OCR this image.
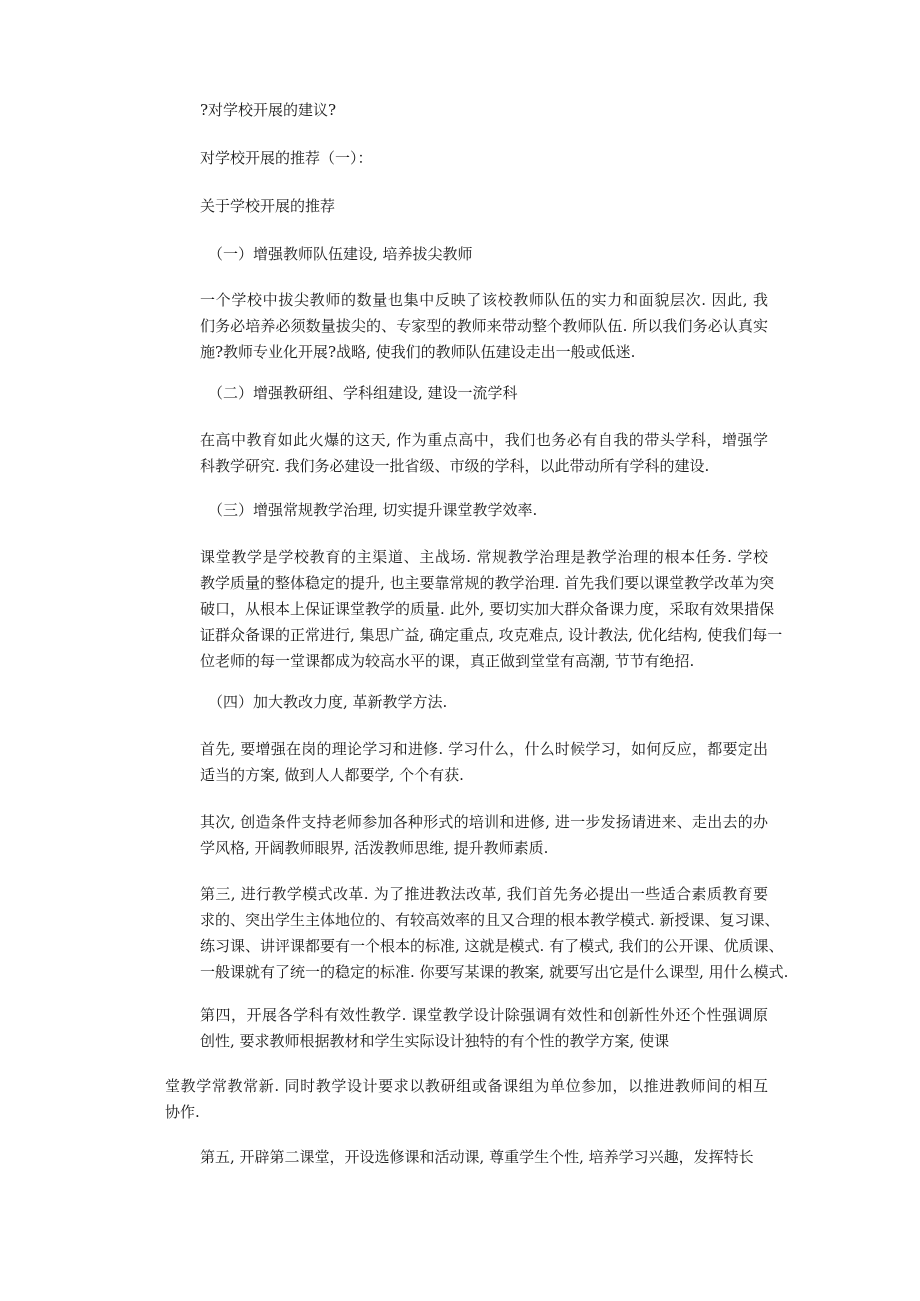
?对学校开展的建议?
对学校开展的推荐（一）：
关于学校开展的推荐
（一）增强教师队伍建设, 培养拔尖教师
一个学校中拔尖教师的数量也集中反映了该校教师队伍的实力和面貌层次. 因此, 我
们务必培养必须数量拔尖的、专家型的教师来带动整个教师队伍. 所以我们务必认真实
施?教师专业化开展?战略, 使我们的教师队伍建设走出一般或低迷.
（二）增强教研组、学科组建设, 建设一流学科
在高中教育如此火爆的这天, 作为重点高中，我们也务必有自我的带头学科，增强学
科教学研究. 我们务必建设一批省级、市级的学科，以此带动所有学科的建设.
（三）增强常规教学治理, 切实提升课堂教学效率.
课堂教学是学校教育的主渠道、主战场. 常规教学治理是教学治理的根本任务. 学校
教学质量的整体稳定的提升, 也主要靠常规的教学治理. 首先我们要以课堂教学改革为突
破口，从根本上保证课堂教学的质量. 此外, 要切实加大群众备课力度，采取有效果措保
证群众备课的正常进行, 集思广益, 确定重点, 攻克难点, 设计教法, 优化结构, 使我们每一
位老师的每一堂课都成为较高水平的课，真正做到堂堂有高潮, 节节有绝招.
（四）加大教改力度, 革新教学方法.
首先, 要增强在岗的理论学习和进修. 学习什么，什么时候学习，如何反应，都要定出
适当的方案, 做到人人都要学, 个个有获.
其次, 创造条件支持老师参加各种形式的培训和进修, 进一步发扬请进来、走出去的办
学风格, 开阔教师眼界, 活泼教师思维, 提升教师素质.
第三, 进行教学模式改革. 为了推进教法改革, 我们首先务必提出一些适合素质教育要
求的、突出学生主体地位的、有较高效率的且又合理的根本教学模式. 新授课、复习课、
练习课、讲评课都要有一个根本的标准, 这就是模式. 有了模式, 我们的公开课、优质课、
一般课就有了统一的稳定的标准. 你要写某课的教案, 就要写出它是什么课型, 用什么模式.
第四，开展各学科有效性教学. 课堂教学设计除强调有效性和创新性外还个性强调原
创性, 要求教师根据教材和学生实际设计独特的有个性的教学方案, 使课
堂教学常教常新. 同时教学设计要求以教研组或备课组为单位参加，以推进教师间的相互
协作.
第五, 开辟第二课堂，开设选修课和活动课, 尊重学生个性, 培养学习兴趣，发挥特长
